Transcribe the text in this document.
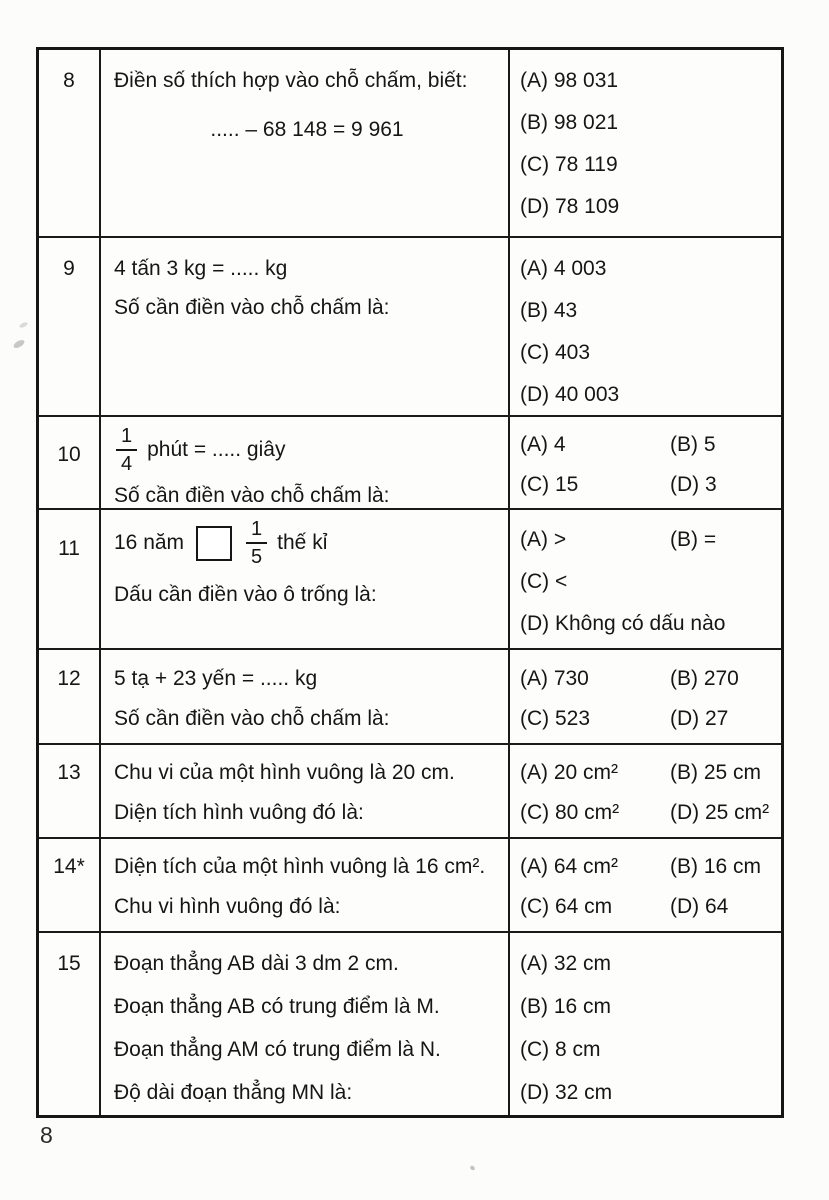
8	Điền số thích hợp vào chỗ chấm, biết:
..... – 68 148 = 9 961
(A) 98 031
(B) 98 021
(C) 78 119
(D) 78 109
9	4 tấn 3 kg = ..... kg
Số cần điền vào chỗ chấm là:
(A) 4 003
(B) 43
(C) 403
(D) 40 003
10	$\frac{1}{4}$ phút = ..... giây
Số cần điền vào chỗ chấm là:
(A) 4	(B) 5
(C) 15	(D) 3
11	16 năm	$\frac{1}{5}$ thế kỉ
Dấu cần điền vào ô trống là:
(A) >	(B) =
(C) <
(D) Không có dấu nào
12	5 tạ + 23 yến = ..... kg
Số cần điền vào chỗ chấm là:
(A) 730	(B) 270
(C) 523	(D) 27
13	Chu vi của một hình vuông là 20 cm.
Diện tích hình vuông đó là:
(A) 20 cm²	(B) 25 cm
(C) 80 cm²	(D) 25 cm²
14*	Diện tích của một hình vuông là 16 cm².
Chu vi hình vuông đó là:
(A) 64 cm²	(B) 16 cm
(C) 64 cm	(D) 64
15	Đoạn thẳng AB dài 3 dm 2 cm.
Đoạn thẳng AB có trung điểm là M.
Đoạn thẳng AM có trung điểm là N.
Độ dài đoạn thẳng MN là:
(A) 32 cm
(B) 16 cm
(C) 8 cm
(D) 32 cm
8
